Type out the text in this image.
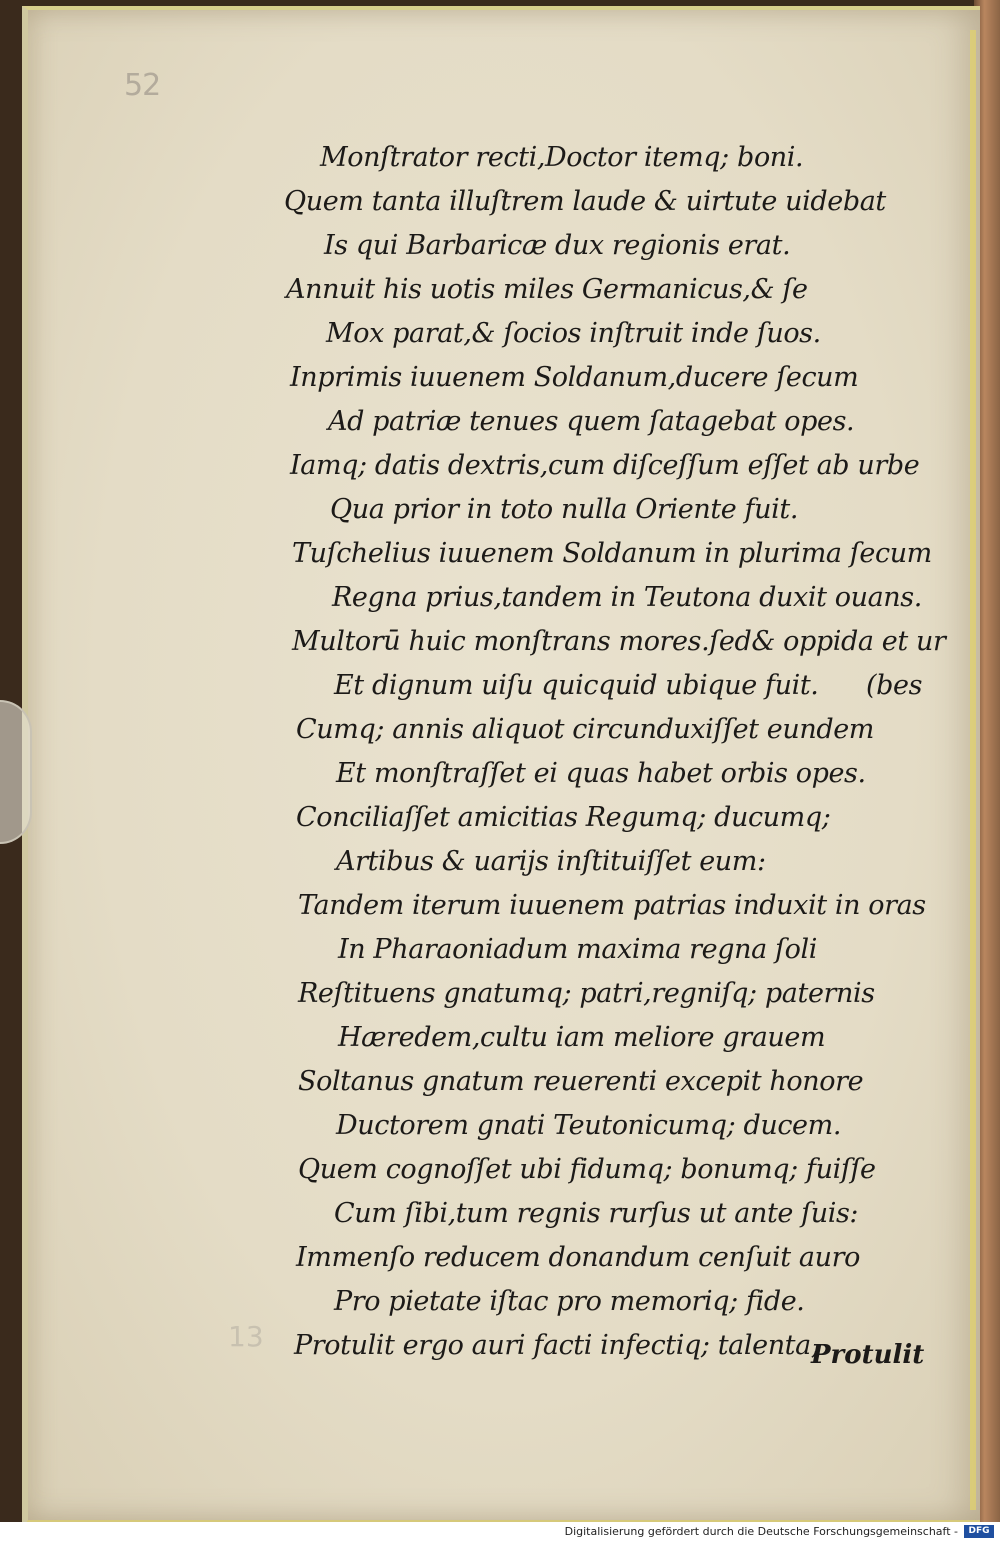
52
Monſtrator recti,Doctor itemq; boni.
Quem tanta illuſtrem laude & uirtute uidebat
Is qui Barbaricæ dux regionis erat.
Annuit his uotis miles Germanicus,& ſe
Mox parat,& ſocios inſtruit inde ſuos.
Inprimis iuuenem Soldanum,ducere ſecum
Ad patriæ tenues quem ſatagebat opes.
Iamq; datis dextris,cum diſceſſum eſſet ab urbe
Qua prior in toto nulla Oriente fuit.
Tuſchelius iuuenem Soldanum in plurima ſecum
Regna prius,tandem in Teutona duxit ouans.
Multorū huic monſtrans mores.ſed& oppida et ur
Et dignum uiſu quicquid ubique fuit. (bes
Cumq; annis aliquot circunduxiſſet eundem
Et monſtraſſet ei quas habet orbis opes.
Conciliaſſet amicitias Regumq; ducumq;
Artibus & uarijs inſtituiſſet eum:
Tandem iterum iuuenem patrias induxit in oras
In Pharaoniadum maxima regna ſoli
Reſtituens gnatumq; patri,regniſq; paternis
Hæredem,cultu iam meliore grauem
Soltanus gnatum reuerenti excepit honore
Ductorem gnati Teutonicumq; ducem.
Quem cognoſſet ubi fidumq; bonumq; fuiſſe
Cum ſibi,tum regnis rurſus ut ante ſuis:
Immenſo reducem donandum cenſuit auro
Pro pietate iſtac pro memoriq; fide.
Protulit ergo auri facti infectiq; talenta,
13
Protulit
Digitalisierung gefördert durch die Deutsche Forschungsgemeinschaft -	DFG
